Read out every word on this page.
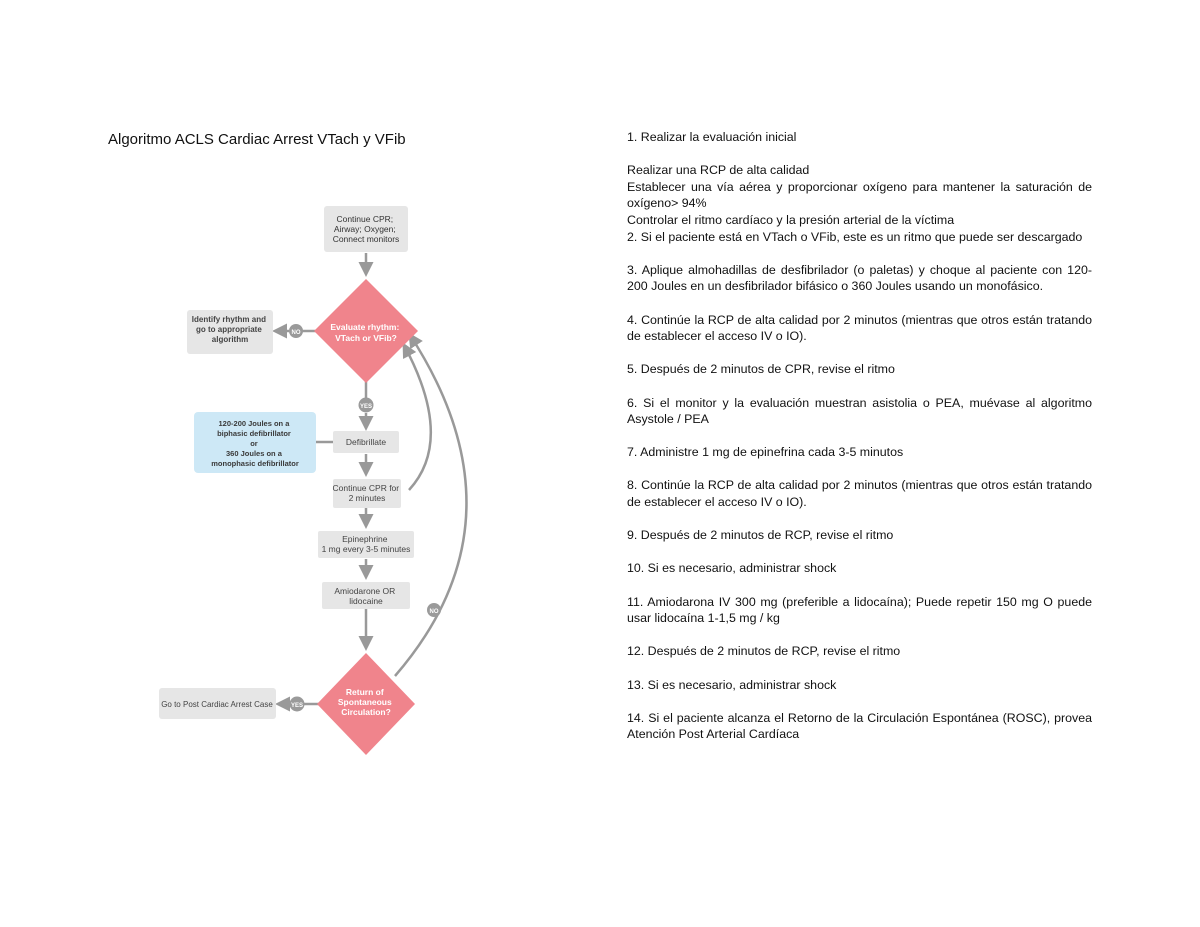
Algoritmo ACLS Cardiac Arrest VTach y VFib
Continue CPR; Airway; Oxygen; Connect monitors
Evaluate rhythm: VTach or VFib?
Identify rhythm and go to appropriate algorithm
NO
YES
120-200 Joules on a biphasic defibrillator or 360 Joules on a monophasic defibrillator
Defibrillate
Continue CPR for 2 minutes
Epinephrine 1 mg every 3-5 minutes
Amiodarone OR lidocaine
NO
Return of Spontaneous Circulation?
YES
Go to Post Cardiac Arrest Case
1. Realizar la evaluación inicial
Realizar una RCP de alta calidad
Establecer una vía aérea y proporcionar oxígeno para mantener la saturación de oxígeno> 94%
Controlar el ritmo cardíaco y la presión arterial de la víctima
2. Si el paciente está en VTach o VFib, este es un ritmo que puede ser descargado
3. Aplique almohadillas de desfibrilador (o paletas) y choque al paciente con 120-200 Joules en un desfibrilador bifásico o 360 Joules usando un monofásico.
4. Continúe la RCP de alta calidad por 2 minutos (mientras que otros están tratando de establecer el acceso IV o IO).
5. Después de 2 minutos de CPR, revise el ritmo
6. Si el monitor y la evaluación muestran asistolia o PEA, muévase al algoritmo Asystole / PEA
7. Administre 1 mg de epinefrina cada 3-5 minutos
8. Continúe la RCP de alta calidad por 2 minutos (mientras que otros están tratando de establecer el acceso IV o IO).
9. Después de 2 minutos de RCP, revise el ritmo
10. Si es necesario, administrar shock
11. Amiodarona IV 300 mg (preferible a lidocaína); Puede repetir 150 mg O puede usar lidocaína 1-1,5 mg / kg
12. Después de 2 minutos de RCP, revise el ritmo
13. Si es necesario, administrar shock
14. Si el paciente alcanza el Retorno de la Circulación Espontánea (ROSC), provea Atención Post Arterial Cardíaca
